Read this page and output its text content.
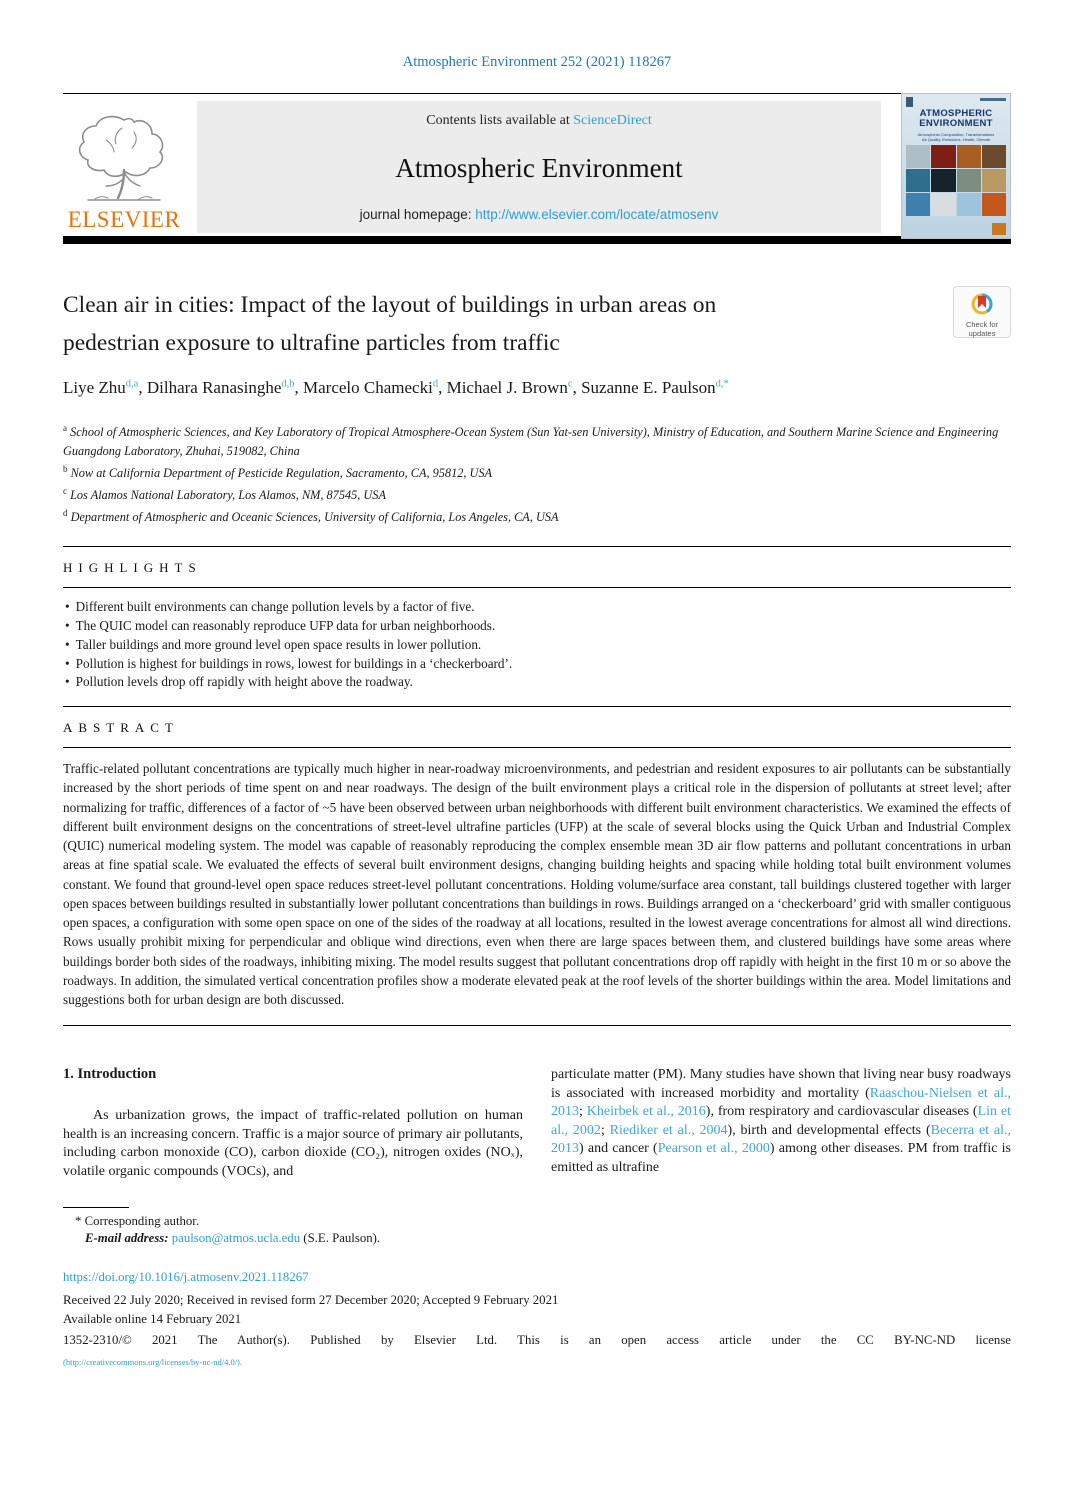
Atmospheric Environment 252 (2021) 118267
ELSEVIER
Contents lists available at ScienceDirect
Atmospheric Environment
journal homepage: http://www.elsevier.com/locate/atmosenv
ATMOSPHERIC
ENVIRONMENT
Atmospheric Composition, Transformations
Air Quality, Emissions, Health, Climate
Clean air in cities: Impact of the layout of buildings in urban areas on
pedestrian exposure to ultrafine particles from traffic
Check for
updates
Liye Zhu$^{d,a}$, Dilhara Ranasinghe$^{d,b}$, Marcelo Chamecki$^d$, Michael J. Brown$^c$, Suzanne E. Paulson$^{d,*}$
$^a$ School of Atmospheric Sciences, and Key Laboratory of Tropical Atmosphere-Ocean System (Sun Yat-sen University), Ministry of Education, and Southern Marine Science and Engineering Guangdong Laboratory, Zhuhai, 519082, China
$^b$ Now at California Department of Pesticide Regulation, Sacramento, CA, 95812, USA
$^c$ Los Alamos National Laboratory, Los Alamos, NM, 87545, USA
$^d$ Department of Atmospheric and Oceanic Sciences, University of California, Los Angeles, CA, USA
HIGHLIGHTS
• Different built environments can change pollution levels by a factor of five.
• The QUIC model can reasonably reproduce UFP data for urban neighborhoods.
• Taller buildings and more ground level open space results in lower pollution.
• Pollution is highest for buildings in rows, lowest for buildings in a ‘checkerboard’.
• Pollution levels drop off rapidly with height above the roadway.
ABSTRACT

Traffic-related pollutant concentrations are typically much higher in near-roadway microenvironments, and pedestrian and resident exposures to air pollutants can be substantially increased by the short periods of time spent on and near roadways. The design of the built environment plays a critical role in the dispersion of pollutants at street level; after normalizing for traffic, differences of a factor of ~5 have been observed between urban neighborhoods with different built environment characteristics. We examined the effects of different built environment designs on the concentrations of street-level ultrafine particles (UFP) at the scale of several blocks using the Quick Urban and Industrial Complex (QUIC) numerical modeling system. The model was capable of reasonably reproducing the complex ensemble mean 3D air flow patterns and pollutant concentrations in urban areas at fine spatial scale. We evaluated the effects of several built environment designs, changing building heights and spacing while holding total built environment volumes constant. We found that ground-level open space reduces street-level pollutant concentrations. Holding volume/surface area constant, tall buildings clustered together with larger open spaces between buildings resulted in substantially lower pollutant concentrations than buildings in rows. Buildings arranged on a ‘checkerboard’ grid with smaller contiguous open spaces, a configuration with some open space on one of the sides of the roadway at all locations, resulted in the lowest average concentrations for almost all wind directions. Rows usually prohibit mixing for perpendicular and oblique wind directions, even when there are large spaces between them, and clustered buildings have some areas where buildings border both sides of the roadways, inhibiting mixing. The model results suggest that pollutant concentrations drop off rapidly with height in the first 10 m or so above the roadways. In addition, the simulated vertical concentration profiles show a moderate elevated peak at the roof levels of the shorter buildings within the area. Model limitations and suggestions both for urban design are both discussed.

1. Introduction

As urbanization grows, the impact of traffic-related pollution on human health is an increasing concern. Traffic is a major source of primary air pollutants, including carbon monoxide (CO), carbon dioxide (CO₂), nitrogen oxides (NOₓ), volatile organic compounds (VOCs), and

particulate matter (PM). Many studies have shown that living near busy roadways is associated with increased morbidity and mortality (Raaschou-Nielsen et al., 2013; Kheirbek et al., 2016), from respiratory and cardiovascular diseases (Lin et al., 2002; Riediker et al., 2004), birth and developmental effects (Becerra et al., 2013) and cancer (Pearson et al., 2000) among other diseases. PM from traffic is emitted as ultrafine

* Corresponding author.
E-mail address: paulson@atmos.ucla.edu (S.E. Paulson).
https://doi.org/10.1016/j.atmosenv.2021.118267
Received 22 July 2020; Received in revised form 27 December 2020; Accepted 9 February 2021
Available online 14 February 2021
1352-2310/© 2021 The Author(s). Published by Elsevier Ltd. This is an open access article under the CC BY-NC-ND license
(http://creativecommons.org/licenses/by-nc-nd/4.0/).
